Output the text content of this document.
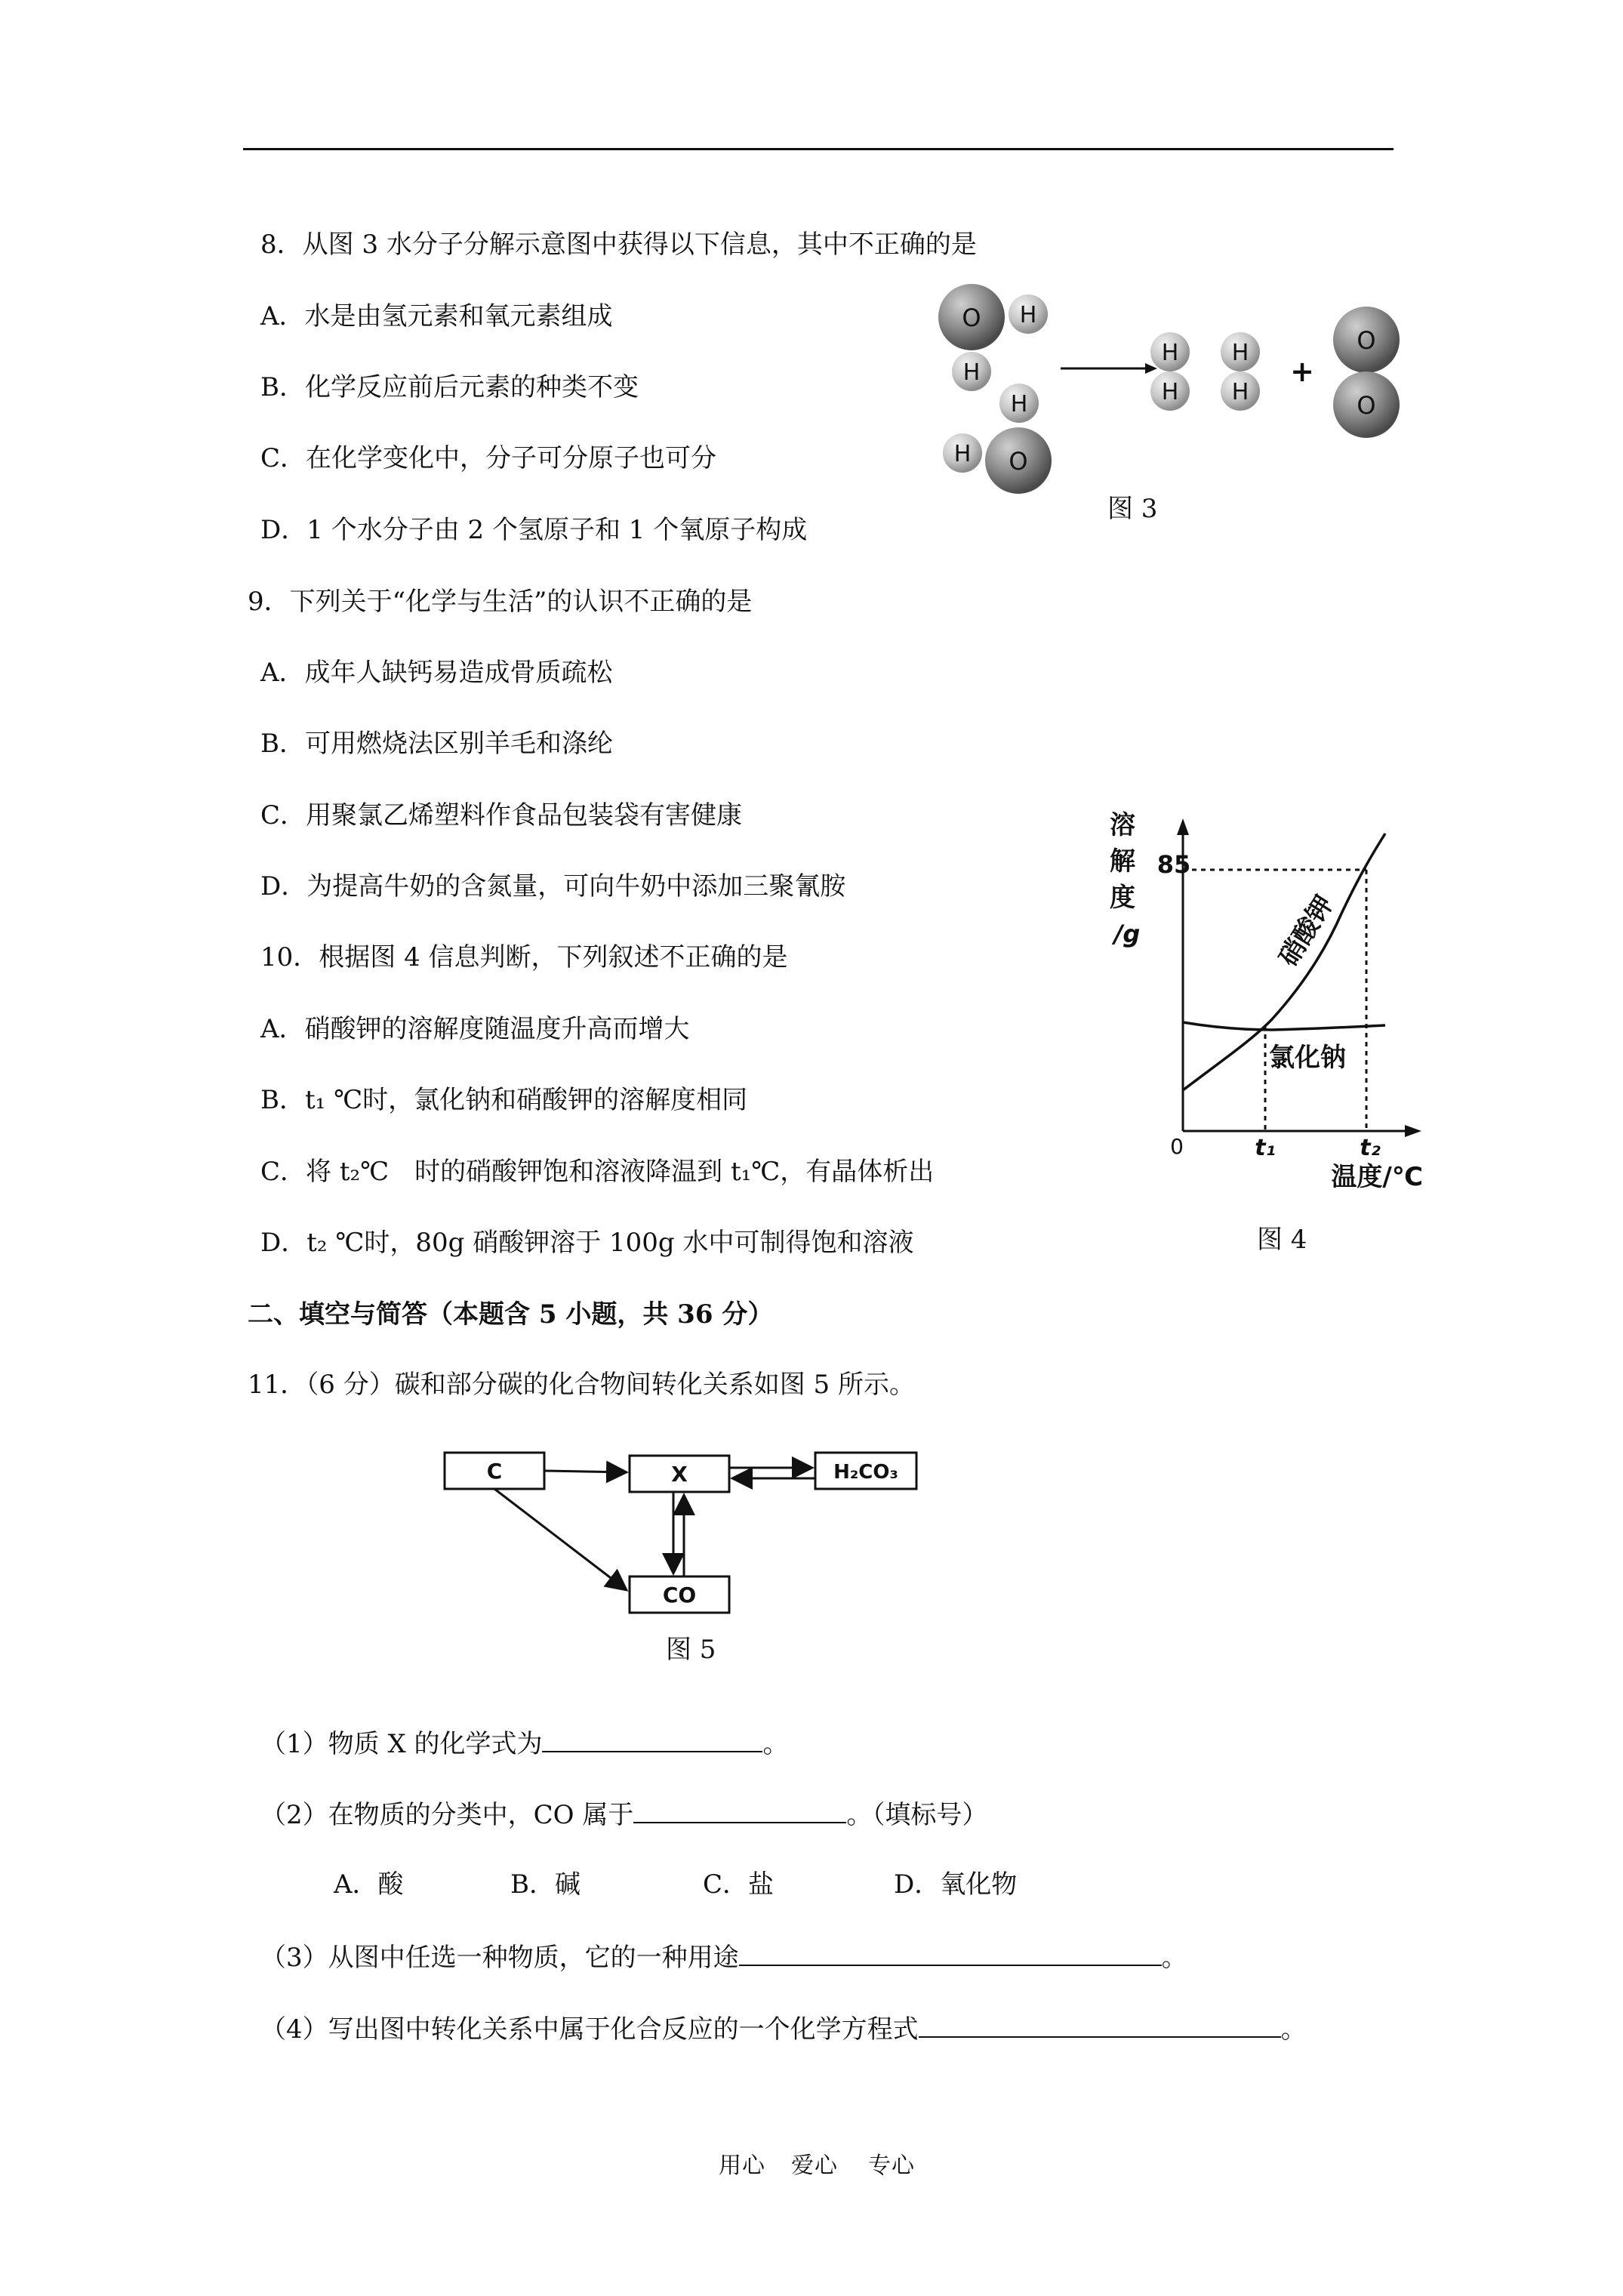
8．从图 3 水分子分解示意图中获得以下信息，其中不正确的是
A．水是由氢元素和氧元素组成
B．化学反应前后元素的种类不变
C．在化学变化中，分子可分原子也可分
D．1 个水分子由 2 个氢原子和 1 个氧原子构成
O H
H
H
H O
H
H
H
H
+
O
O
图 3
9．下列关于“化学与生活”的认识不正确的是
A．成年人缺钙易造成骨质疏松
B．可用燃烧法区别羊毛和涤纶
C．用聚氯乙烯塑料作食品包装袋有害健康
D．为提高牛奶的含氮量，可向牛奶中添加三聚氰胺
10．根据图 4 信息判断，下列叙述不正确的是
A．硝酸钾的溶解度随温度升高而增大
B．t₁ ℃时，氯化钠和硝酸钾的溶解度相同
C．将 t₂℃　时的硝酸钾饱和溶液降温到 t₁℃，有晶体析出
D．t₂ ℃时，80g 硝酸钾溶于 100g 水中可制得饱和溶液
溶
解
度
/g
85
硝酸钾
氯化钠
0	t₁	t₂
温度/℃
图 4
二、填空与简答（本题含 5 小题，共 36 分）
11．（6 分）碳和部分碳的化合物间转化关系如图 5 所示。
C	X	H₂CO₃
CO
图 5
（1）物质 X 的化学式为	。
（2）在物质的分类中，CO 属于	。（填标号）
A．酸	B．碱	C．盐	D．氧化物
（3）从图中任选一种物质，它的一种用途	。
（4）写出图中转化关系中属于化合反应的一个化学方程式	。
用心 爱心 专心
